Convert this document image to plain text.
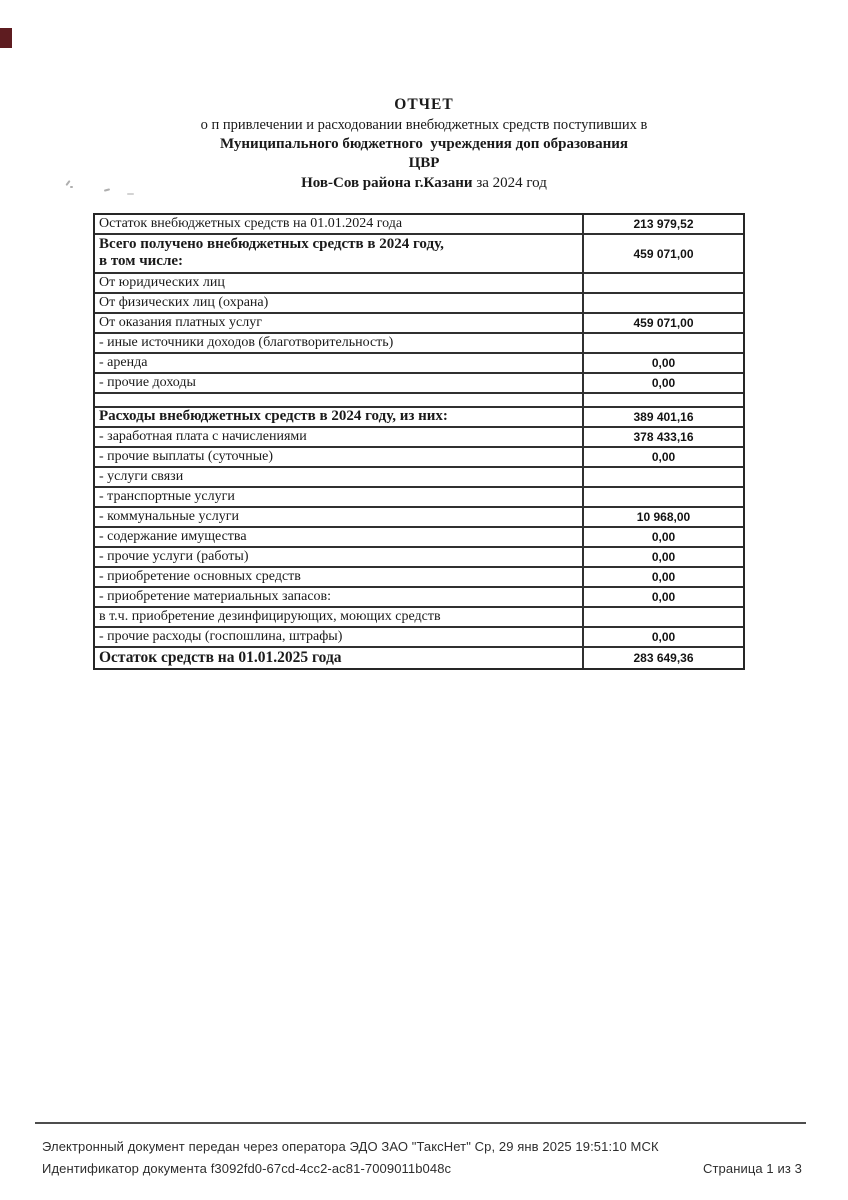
ОТЧЕТ
о п привлечении и расходовании внебюджетных средств поступивших в
Муниципального бюджетного  учреждения доп образования
ЦВР
Нов-Сов района г.Казани за 2024 год
Остаток внебюджетных средств на 01.01.2024 года	213 979,52
Всего получено внебюджетных средств в 2024 году,
в том числе:	459 071,00
От юридических лиц
От физических лиц (охрана)
От оказания платных услуг	459 071,00
- иные источники доходов (благотворительность)
- аренда	0,00
- прочие доходы	0,00
Расходы внебюджетных средств в 2024 году, из них:	389 401,16
- заработная плата с начислениями	378 433,16
- прочие выплаты (суточные)	0,00
- услуги связи
- транспортные услуги
- коммунальные услуги	10 968,00
- содержание имущества	0,00
- прочие услуги (работы)	0,00
- приобретение основных средств	0,00
- приобретение материальных запасов:	0,00
в т.ч. приобретение дезинфицирующих, моющих средств
- прочие расходы (госпошлина, штрафы)	0,00
Остаток средств на 01.01.2025 года	283 649,36
Электронный документ передан через оператора ЭДО ЗАО "ТаксНет" Ср, 29 янв 2025 19:51:10 МСК
Идентификатор документа f3092fd0-67cd-4cc2-ac81-7009011b048c	Страница 1 из 3
